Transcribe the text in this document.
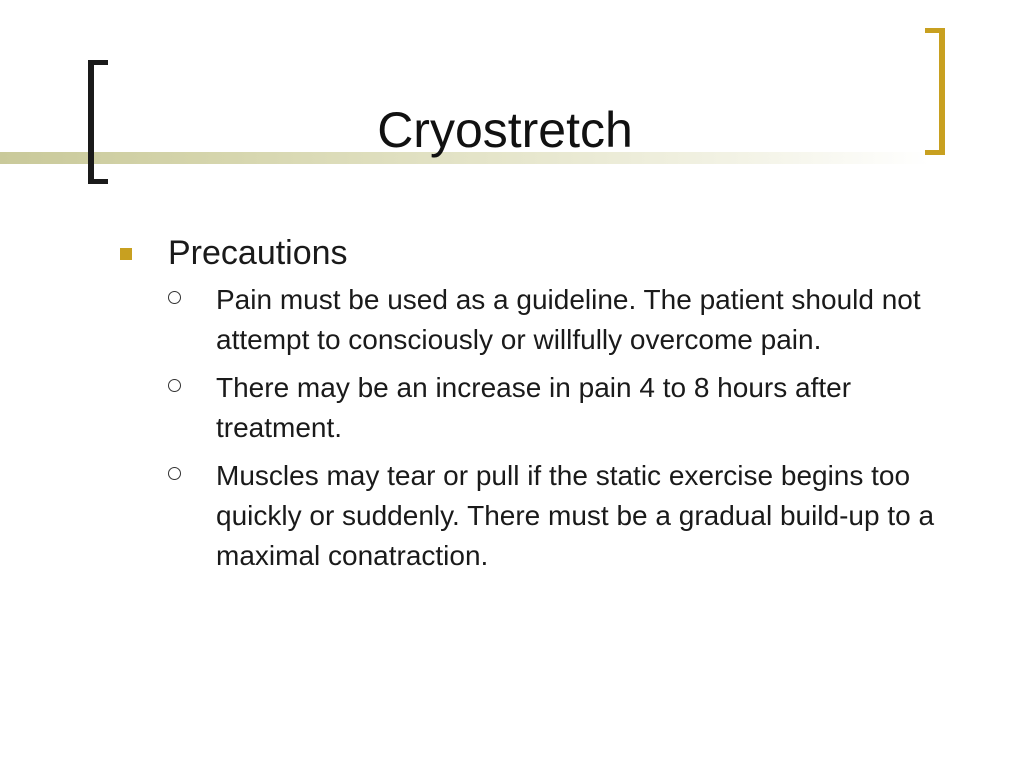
Cryostretch
Precautions
Pain must be used as a guideline. The patient should not attempt to consciously or willfully overcome pain.
There may be an increase in pain 4 to 8 hours after treatment.
Muscles may tear or pull if the static exercise begins too quickly or suddenly. There must be a gradual build-up to a maximal conatraction.
